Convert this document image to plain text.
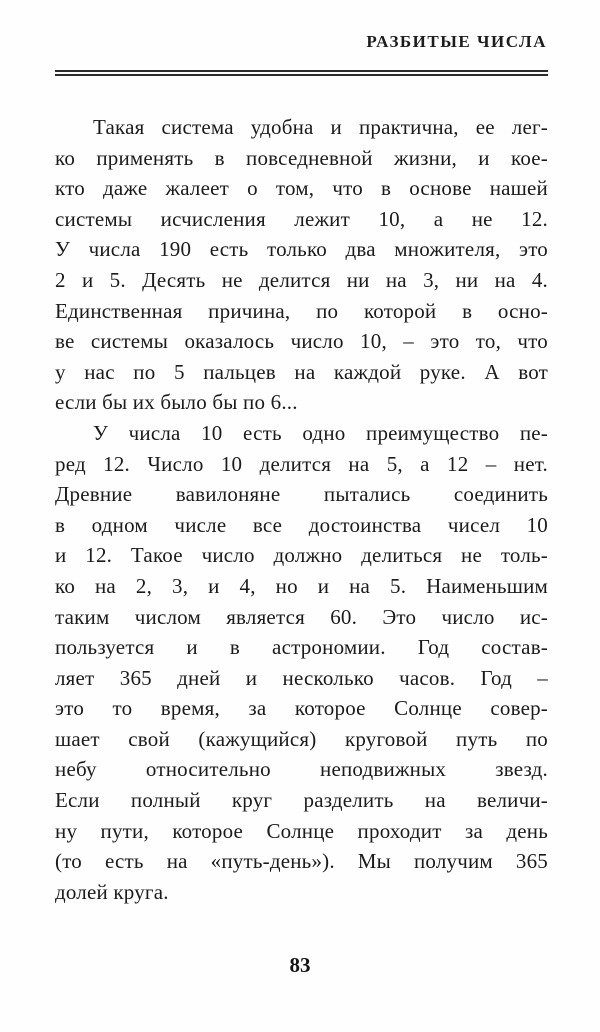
РАЗБИТЫЕ ЧИСЛА
Такая система удобна и практична, ее лег-
ко применять в повседневной жизни, и кое-
кто даже жалеет о том, что в основе нашей
системы исчисления лежит 10, а не 12.
У числа 190 есть только два множителя, это
2 и 5. Десять не делится ни на 3, ни на 4.
Единственная причина, по которой в осно-
ве системы оказалось число 10, – это то, что
у нас по 5 пальцев на каждой руке. А вот
если бы их было бы по 6...
У числа 10 есть одно преимущество пе-
ред 12. Число 10 делится на 5, а 12 – нет.
Древние вавилоняне пытались соединить
в одном числе все достоинства чисел 10
и 12. Такое число должно делиться не толь-
ко на 2, 3, и 4, но и на 5. Наименьшим
таким числом является 60. Это число ис-
пользуется и в астрономии. Год состав-
ляет 365 дней и несколько часов. Год –
это то время, за которое Солнце совер-
шает свой (кажущийся) круговой путь по
небу относительно неподвижных звезд.
Если полный круг разделить на величи-
ну пути, которое Солнце проходит за день
(то есть на «путь-день»). Мы получим 365
долей круга.
83
